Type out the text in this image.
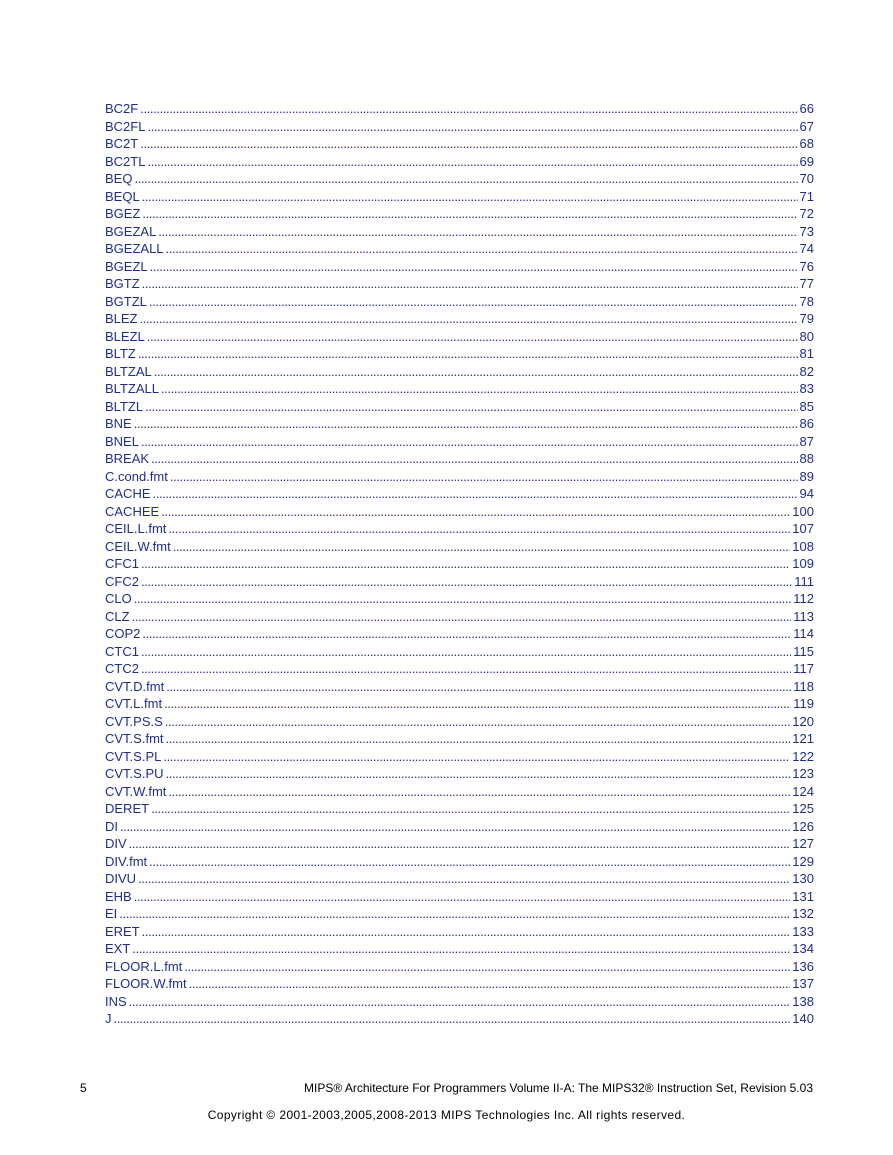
BC2F . . .	66
BC2FL . . .	67
BC2T . . .	68
BC2TL . . .	69
BEQ . . .	70
BEQL . . .	71
BGEZ . . .	72
BGEZAL . . .	73
BGEZALL . . .	74
BGEZL . . .	76
BGTZ . . .	77
BGTZL . . .	78
BLEZ . . .	79
BLEZL . . .	80
BLTZ . . .	81
BLTZAL . . .	82
BLTZALL . . .	83
BLTZL . . .	85
BNE . . .	86
BNEL . . .	87
BREAK . . .	88
C.cond.fmt . . .	89
CACHE . . .	94
CACHEE . . .	100
CEIL.L.fmt . . .	107
CEIL.W.fmt . . .	108
CFC1 . . .	109
CFC2 . . .	111
CLO . . .	112
CLZ . . .	113
COP2 . . .	114
CTC1 . . .	115
CTC2 . . .	117
CVT.D.fmt . . .	118
CVT.L.fmt . . .	119
CVT.PS.S . . .	120
CVT.S.fmt . . .	121
CVT.S.PL . . .	122
CVT.S.PU . . .	123
CVT.W.fmt . . .	124
DERET . . .	125
DI . . .	126
DIV . . .	127
DIV.fmt . . .	129
DIVU . . .	130
EHB . . .	131
EI . . .	132
ERET . . .	133
EXT . . .	134
FLOOR.L.fmt . . .	136
FLOOR.W.fmt . . .	137
INS . . .	138
J . . .	140
5	MIPS® Architecture For Programmers Volume II-A: The MIPS32® Instruction Set, Revision 5.03
Copyright © 2001-2003,2005,2008-2013 MIPS Technologies Inc. All rights reserved.
